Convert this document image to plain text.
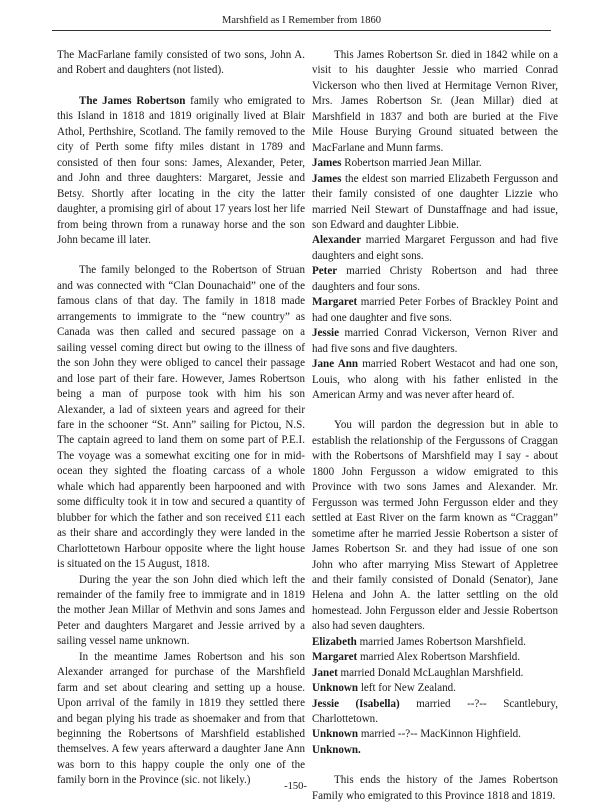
Marshfield as I Remember from 1860

The MacFarlane family consisted of two sons, John A. and Robert and daughters (not listed).

The James Robertson family who emigrated to this Island in 1818 and 1819 originally lived at Blair Athol, Perthshire, Scotland. The family removed to the city of Perth some fifty miles distant in 1789 and consisted of then four sons: James, Alexander, Peter, and John and three daughters: Margaret, Jessie and Betsy. Shortly after locating in the city the latter daughter, a promising girl of about 17 years lost her life from being thrown from a runaway horse and the son John became ill later.

The family belonged to the Robertson of Struan and was connected with “Clan Dounachaid” one of the famous clans of that day. The family in 1818 made arrangements to immigrate to the “new country” as Canada was then called and secured passage on a sailing vessel coming direct but owing to the illness of the son John they were obliged to cancel their passage and lose part of their fare. However, James Robertson being a man of purpose took with him his son Alexander, a lad of sixteen years and agreed for their fare in the schooner “St. Ann” sailing for Pictou, N.S. The captain agreed to land them on some part of P.E.I. The voyage was a somewhat exciting one for in mid-ocean they sighted the floating carcass of a whole whale which had apparently been harpooned and with some difficulty took it in tow and secured a quantity of blubber for which the father and son received £11 each as their share and accordingly they were landed in the Charlottetown Harbour opposite where the light house is situated on the 15 August, 1818.

During the year the son John died which left the remainder of the family free to immigrate and in 1819 the mother Jean Millar of Methvin and sons James and Peter and daughters Margaret and Jessie arrived by a sailing vessel name unknown.

In the meantime James Robertson and his son Alexander arranged for purchase of the Marshfield farm and set about clearing and setting up a house. Upon arrival of the family in 1819 they settled there and began plying his trade as shoemaker and from that beginning the Robertsons of Marshfield established themselves. A few years afterward a daughter Jane Ann was born to this happy couple the only one of the family born in the Province (sic. not likely.)

This James Robertson Sr. died in 1842 while on a visit to his daughter Jessie who married Conrad Vickerson who then lived at Hermitage Vernon River, Mrs. James Robertson Sr. (Jean Millar) died at Marshfield in 1837 and both are buried at the Five Mile House Burying Ground situated between the MacFarlane and Munn farms.

James Robertson married Jean Millar.

James the eldest son married Elizabeth Fergusson and their family consisted of one daughter Lizzie who married Neil Stewart of Dunstaffnage and had issue, son Edward and daughter Libbie.

Alexander married Margaret Fergusson and had five daughters and eight sons.

Peter married Christy Robertson and had three daughters and four sons.

Margaret married Peter Forbes of Brackley Point and had one daughter and five sons.

Jessie married Conrad Vickerson, Vernon River and had five sons and five daughters.

Jane Ann married Robert Westacot and had one son, Louis, who along with his father enlisted in the American Army and was never after heard of.

You will pardon the degression but in able to establish the relationship of the Fergussons of Craggan with the Robertsons of Marshfield may I say - about 1800 John Fergusson a widow emigrated to this Province with two sons James and Alexander. Mr. Fergusson was termed John Fergusson elder and they settled at East River on the farm known as “Craggan” sometime after he married Jessie Robertson a sister of James Robertson Sr. and they had issue of one son John who after marrying Miss Stewart of Appletree and their family consisted of Donald (Senator), Jane Helena and John A. the latter settling on the old homestead. John Fergusson elder and Jessie Robertson also had seven daughters.

Elizabeth married James Robertson Marshfield.

Margaret married Alex Robertson Marshfield.

Janet married Donald McLaughlan Marshfield.

Unknown left for New Zealand.

Jessie (Isabella) married --?-- Scantlebury, Charlottetown.

Unknown married --?-- MacKinnon Highfield.

Unknown.

This ends the history of the James Robertson Family who emigrated to this Province 1818 and 1819.

-150-
